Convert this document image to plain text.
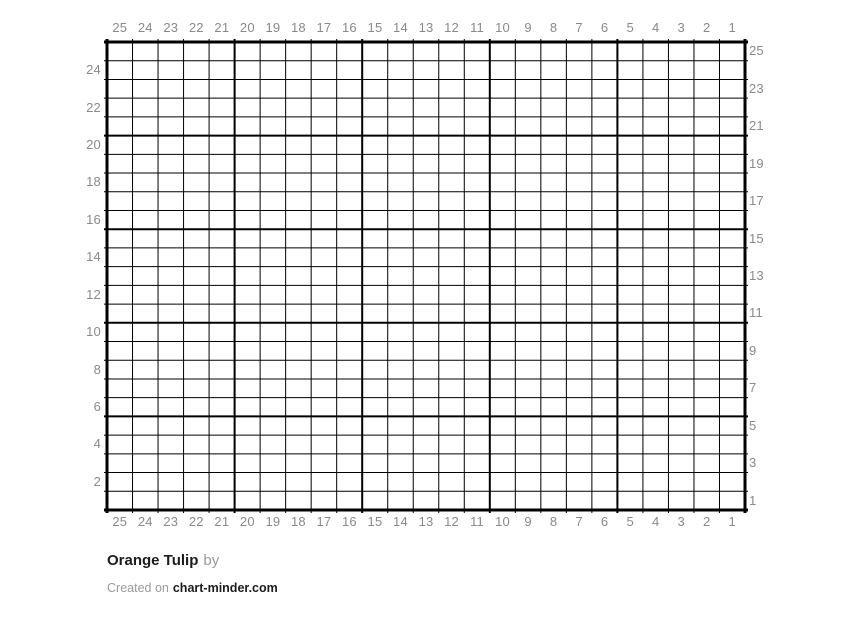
25 24 23 22 21 20 19 18 17 16 15 14 13 12 11 10 9 8 7 6 5 4 3 2 1
25 24 23 22 21 20 19 18 17 16 15 14 13 12 11 10 9 8 7 6 5 4 3 2 1
24
22
20
18
16
14
12
10
8
6
4
2
25
23
21
19
17
15
13
11
9
7
5
3
1
Orange Tulip by
Created on chart-minder.com
